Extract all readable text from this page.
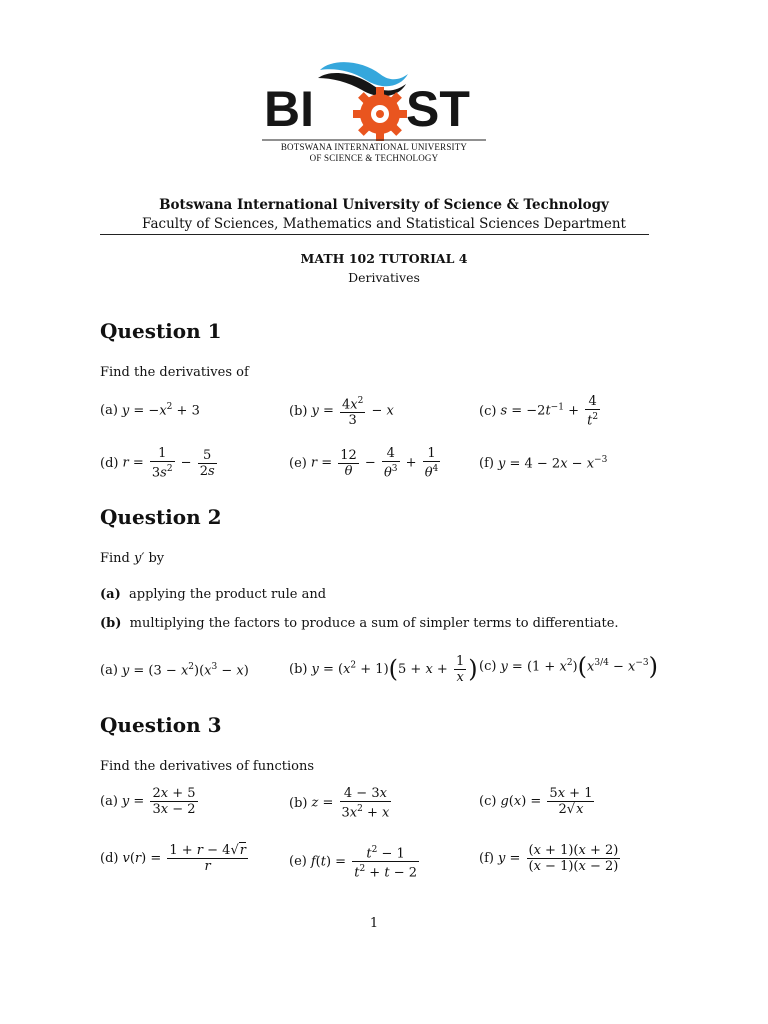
BI ST
BOTSWANA INTERNATIONAL UNIVERSITY
OF SCIENCE & TECHNOLOGY
Botswana International University of Science & Technology
Faculty of Sciences, Mathematics and Statistical Sciences Department
MATH 102 TUTORIAL 4
Derivatives
Question 1
Find the derivatives of
(a) $y = -x^2 + 3$	(b) $y = \frac{4x^2}{3} - x$	(c) $s = -2t^{-1} + \frac{4}{t^2}$
(d) $r = \frac{1}{3s^2} - \frac{5}{2s}$	(e) $r = \frac{12}{\theta} - \frac{4}{\theta^3} + \frac{1}{\theta^4}$	(f) $y = 4 - 2x - x^{-3}$
Question 2
Find y′ by
(a) applying the product rule and
(b) multiplying the factors to produce a sum of simpler terms to differentiate.
(a) $y = (3 - x^2)(x^3 - x)$	(b) $y = (x^2 + 1)(5 + x + \frac{1}{x}$ ) (c) $y = (1 + x^2)(x^{3/4} - x^{-3})$
Question 3
Find the derivatives of functions
(a) $y = \frac{2x + 5}{3x - 2}$	(b) $z = \frac{4 - 3x}{3x^2 + x}$	(c) $g(x) = \frac{5x + 1}{2√x}$
(d) $v(r) = \frac{1 + r - 4√r}{r}$	(e) $f(t) = \frac{t^2 - 1}{t^2 + t - 2}$	(f) $y = \frac{(x + 1)(x + 2)}{(x - 1)(x - 2)}$
1
